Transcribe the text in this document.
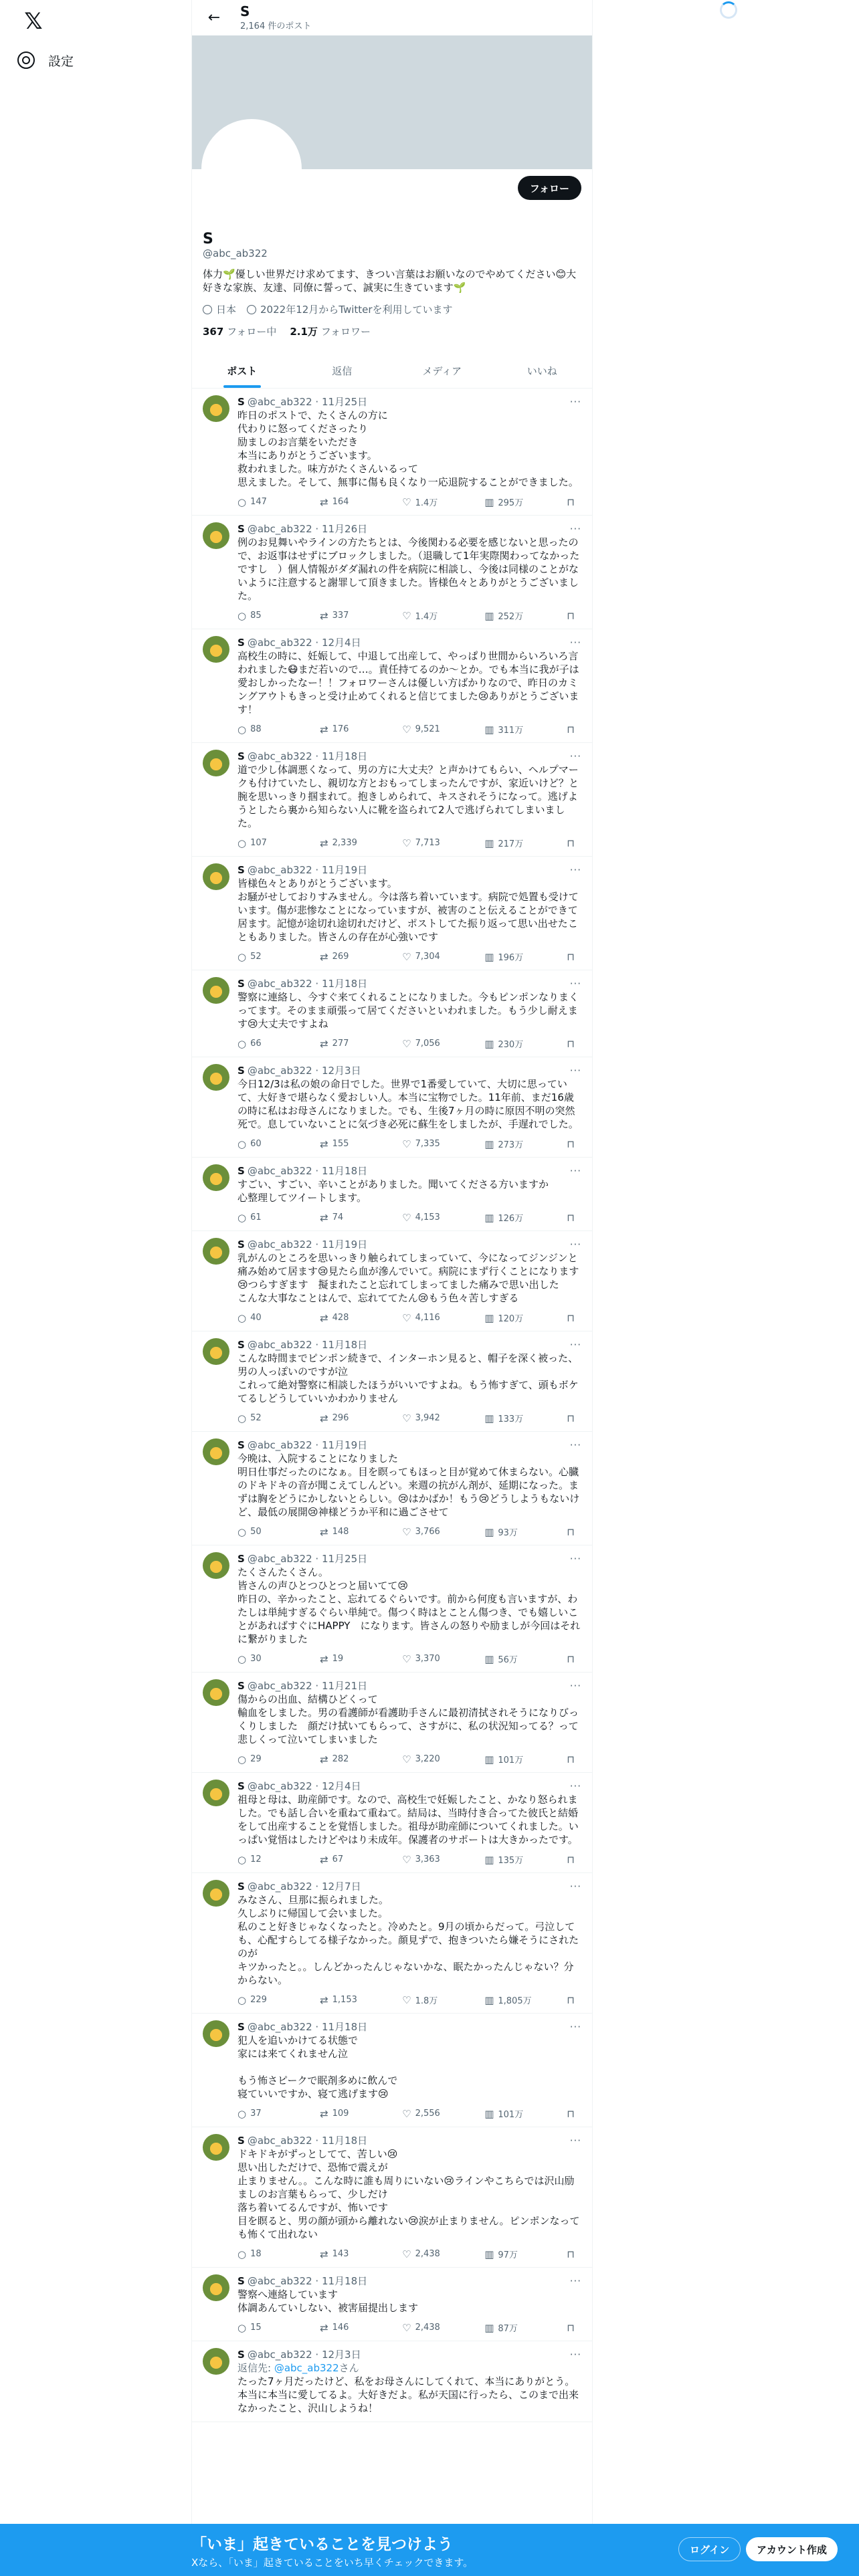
𝕏
設定
←	S
2,164 件のポスト
フォロー
S
@abc_ab322
体力🌱優しい世界だけ求めてます、きつい言葉はお願いなのでやめてください😊大好きな家族、友達、同僚に誓って、誠実に生きています🌱
日本	2022年12月からTwitterを利用しています
367 フォロー中 2.1万 フォロワー
ポスト	返信	メディア	いいね
S @abc_ab322 · 11月25日	···
昨日のポストで、たくさんの方に
代わりに怒ってくださったり
励ましのお言葉をいただき
本当にありがとうございます。
救われました。味方がたくさんいるって
思えました。そして、無事に傷も良くなり一応退院することができました。
○ 147	⇄ 164	♡ 1.4万	▥ 295万	⊓
S @abc_ab322 · 11月26日	···
例のお見舞いやラインの方たちとは、今後関わる必要を感じないと思ったので、お返事はせずにブロックしました。（退職して1年実際関わってなかったですし　）個人情報がダダ漏れの件を病院に相談し、今後は同様のことがないように注意すると謝罪して頂きました。皆様色々とありがとうございました。
○ 85	⇄ 337	♡ 1.4万	▥ 252万	⊓
S @abc_ab322 · 12月4日	···
高校生の時に、妊娠して、中退して出産して、やっぱり世間からいろいろ言われました😷まだ若いので…。責任持てるのか～とか。でも本当に我が子は愛おしかったなー！！フォロワーさんは優しい方ばかりなので、昨日のカミングアウトもきっと受け止めてくれると信じてました😢ありがとうございます！
○ 88	⇄ 176	♡ 9,521	▥ 311万	⊓
S @abc_ab322 · 11月18日	···
道で少し体調悪くなって、男の方に大丈夫？と声かけてもらい、ヘルプマークも付けていたし、親切な方とおもってしまったんですが、家近いけど？と腕を思いっきり掴まれて。抱きしめられて、キスされそうになって。逃げようとしたら裏から知らない人に靴を盗られて2人で逃げられてしまいました。
○ 107	⇄ 2,339	♡ 7,713	▥ 217万	⊓
S @abc_ab322 · 11月19日	···
皆様色々とありがとうございます。
お騒がせしておりすみません。今は落ち着いています。病院で処置も受けています。傷が悲惨なことになっていますが、被害のこと伝えることができて居ます。記憶が途切れ途切れだけど、ポストしてた振り返って思い出せたこともありました。皆さんの存在が心強いです
○ 52	⇄ 269	♡ 7,304	▥ 196万	⊓
S @abc_ab322 · 11月18日	···
警察に連絡し、今すぐ来てくれることになりました。今もピンポンなりまくってます。そのまま頑張って居てくださいといわれました。もう少し耐えます😢大丈夫ですよね
○ 66	⇄ 277	♡ 7,056	▥ 230万	⊓
S @abc_ab322 · 12月3日	···
今日12/3は私の娘の命日でした。世界で1番愛していて、大切に思っていて、大好きで堪らなく愛おしい人。本当に宝物でした。11年前、まだ16歳の時に私はお母さんになりました。でも、生後7ヶ月の時に原因不明の突然死で。息していないことに気づき必死に蘇生をしましたが、手遅れでした。
○ 60	⇄ 155	♡ 7,335	▥ 273万	⊓
S @abc_ab322 · 11月18日	···
すごい、すごい、辛いことがありました。聞いてくださる方いますか
心整理してツイートします。
○ 61	⇄ 74	♡ 4,153	▥ 126万	⊓
S @abc_ab322 · 11月19日	···
乳がんのところを思いっきり触られてしまっていて、今になってジンジンと痛み始めて居ます😢見たら血が滲んでいて。病院にまず行くことになります😢つらすぎます　擬まれたこと忘れてしまってました痛みで思い出した
こんな大事なことはんで、忘れててたん😢もう色々苦しすぎる
○ 40	⇄ 428	♡ 4,116	▥ 120万	⊓
S @abc_ab322 · 11月18日	···
こんな時間までピンポン続きで、インターホン見ると、帽子を深く被った、男の人っぽいのですが泣
これって絶対警察に相談したほうがいいですよね。もう怖すぎて、頭もボケてるしどうしていいかわかりません
○ 52	⇄ 296	♡ 3,942	▥ 133万	⊓
S @abc_ab322 · 11月19日	···
今晩は、入院することになりました
明日仕事だったのになぁ。目を瞑ってもほっと目が覚めて休まらない。心臓のドキドキの音が聞こえてしんどい。来週の抗がん剤が、延期になった。まずは胸をどうにかしないとらしい。😢はかばか！もう😢どうしようもないけど、最低の展開😢神様どうか平和に過ごさせて
○ 50	⇄ 148	♡ 3,766	▥ 93万	⊓
S @abc_ab322 · 11月25日	···
たくさんたくさん。
皆さんの声ひとつひとつと届いてて😢
昨日の、辛かったこと、忘れてるぐらいです。前から何度も言いますが、わたしは単純すぎるぐらい単純で。傷つく時はとことん傷つき、でも嬉しいことがあればすぐにHAPPY　になります。皆さんの怒りや励ましが今回はそれに繋がりました
○ 30	⇄ 19	♡ 3,370	▥ 56万	⊓
S @abc_ab322 · 11月21日	···
傷からの出血、結構ひどくって
輸血をしました。男の看護師が看護助手さんに最初清拭されそうになりびっくりしました　顔だけ拭いてもらって、さすがに、私の状況知ってる？って悲しくって泣いてしまいました
○ 29	⇄ 282	♡ 3,220	▥ 101万	⊓
S @abc_ab322 · 12月4日	···
祖母と母は、助産師です。なので、高校生で妊娠したこと、かなり怒られました。でも話し合いを重ねて重ねて。結局は、当時付き合ってた彼氏と結婚をして出産することを覚悟しました。祖母が助産師についてくれました。いっぱい覚悟はしたけどやはり未成年。保護者のサポートは大きかったです。
○ 12	⇄ 67	♡ 3,363	▥ 135万	⊓
S @abc_ab322 · 12月7日	···
みなさん、旦那に振られました。
久しぶりに帰国して会いました。
私のこと好きじゃなくなったと。冷めたと。9月の頃からだって。弓泣しても、心配すらしてる様子なかった。顔見ずで、抱きついたら嫌そうにされたのが
キツかったと。。しんどかったんじゃないかな、眠たかったんじゃない？分からない。
○ 229	⇄ 1,153	♡ 1.8万	▥ 1,805万	⊓
S @abc_ab322 · 11月18日	···
犯人を追いかけてる状態で
家には来てくれません泣

もう怖さピークで眠剤多めに飲んで
寝ていいですか、寝て逃げます😢
○ 37	⇄ 109	♡ 2,556	▥ 101万	⊓
S @abc_ab322 · 11月18日	···
ドキドキがずっとしてて、苦しい😢
思い出しただけで、恐怖で震えが
止まりません。。こんな時に誰も周りにいない😢ラインやこちらでは沢山励ましのお言葉もらって、少しだけ
落ち着いてるんですが、怖いです
目を瞑ると、男の顔が頭から離れない😢涙が止まりません。ピンポンなっても怖くて出れない
○ 18	⇄ 143	♡ 2,438	▥ 97万	⊓
S @abc_ab322 · 11月18日	···
警察へ連絡しています
体調あんていしない、被害届提出します
○ 15	⇄ 146	♡ 2,438	▥ 87万	⊓
S @abc_ab322 · 12月3日	···
返信先: @abc_ab322さん
たった7ヶ月だったけど、私をお母さんにしてくれて、本当にありがとう。本当に本当に愛してるよ。大好きだよ。私が天国に行ったら、このまで出来なかったこと、沢山しようね！
「いま」起きていることを見つけよう
Xなら、「いま」起きていることをいち早くチェックできます。
ログイン	アカウント作成
